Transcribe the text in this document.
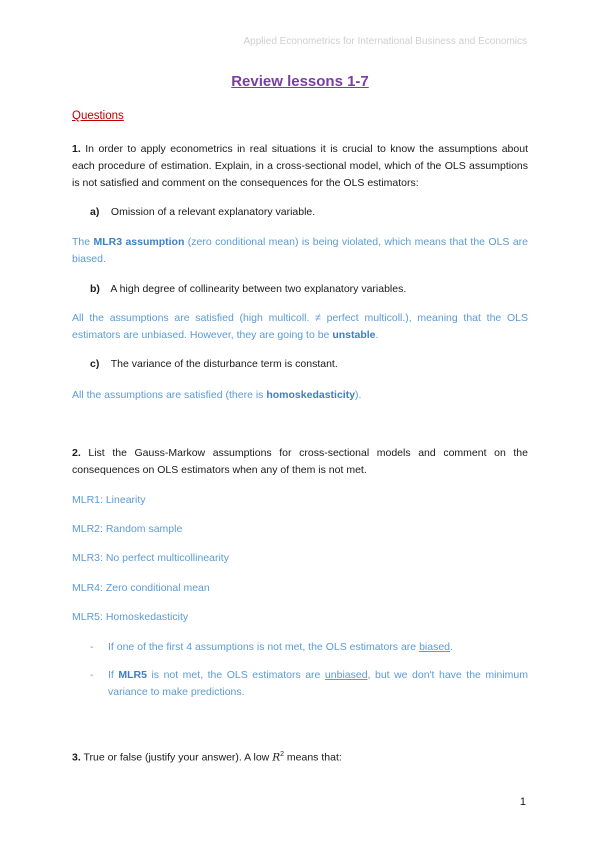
Applied Econometrics for International Business and Economics
Review lessons 1-7
Questions
1. In order to apply econometrics in real situations it is crucial to know the assumptions about each procedure of estimation. Explain, in a cross-sectional model, which of the OLS assumptions is not satisfied and comment on the consequences for the OLS estimators:
a) Omission of a relevant explanatory variable.
The MLR3 assumption (zero conditional mean) is being violated, which means that the OLS are biased.
b) A high degree of collinearity between two explanatory variables.
All the assumptions are satisfied (high multicoll. ≠ perfect multicoll.), meaning that the OLS estimators are unbiased. However, they are going to be unstable.
c) The variance of the disturbance term is constant.
All the assumptions are satisfied (there is homoskedasticity).
2. List the Gauss-Markow assumptions for cross-sectional models and comment on the consequences on OLS estimators when any of them is not met.
MLR1: Linearity
MLR2: Random sample
MLR3: No perfect multicollinearity
MLR4: Zero conditional mean
MLR5: Homoskedasticity
- If one of the first 4 assumptions is not met, the OLS estimators are biased.
- If MLR5 is not met, the OLS estimators are unbiased, but we don't have the minimum variance to make predictions.
3. True or false (justify your answer). A low $R^2$ means that:
1
